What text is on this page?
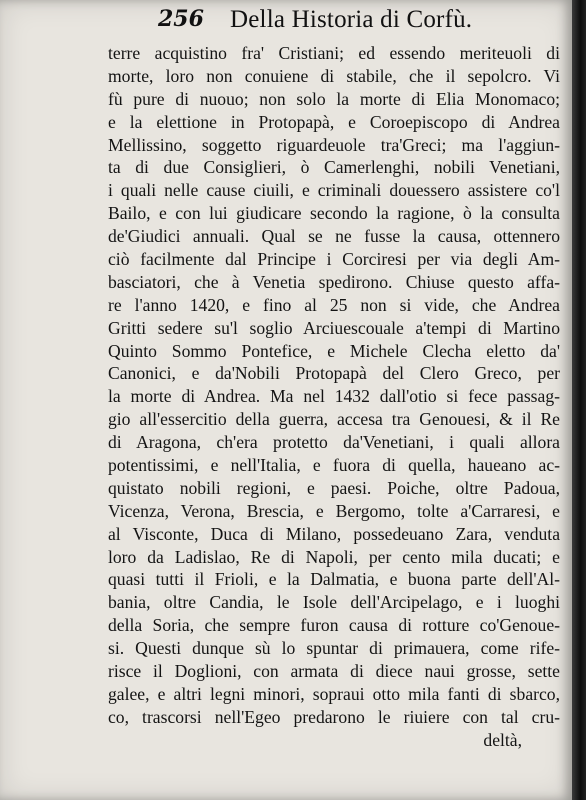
256 Della Historia di Corfù.
terre acquistino fra' Cristiani; ed essendo meriteuoli di
morte, loro non conuiene di stabile, che il sepolcro. Vi
fù pure di nuouo; non solo la morte di Elia Monomaco;
e la elettione in Protopapà, e Coroepiscopo di Andrea
Mellissino, soggetto riguardeuole tra'Greci; ma l'aggiun-
ta di due Consiglieri, ò Camerlenghi, nobili Venetiani,
i quali nelle cause ciuili, e criminali douessero assistere co'l
Bailo, e con lui giudicare secondo la ragione, ò la consulta
de'Giudici annuali. Qual se ne fusse la causa, ottennero
ciò facilmente dal Principe i Corciresi per via degli Am-
basciatori, che à Venetia spedirono. Chiuse questo affa-
re l'anno 1420, e fino al 25 non si vide, che Andrea
Gritti sedere su'l soglio Arciuescouale a'tempi di Martino
Quinto Sommo Pontefice, e Michele Clecha eletto da'
Canonici, e da'Nobili Protopapà del Clero Greco, per
la morte di Andrea. Ma nel 1432 dall'otio si fece passag-
gio all'essercitio della guerra, accesa tra Genouesi, & il Re
di Aragona, ch'era protetto da'Venetiani, i quali allora
potentissimi, e nell'Italia, e fuora di quella, haueano ac-
quistato nobili regioni, e paesi. Poiche, oltre Padoua,
Vicenza, Verona, Brescia, e Bergomo, tolte a'Carraresi, e
al Visconte, Duca di Milano, possedeuano Zara, venduta
loro da Ladislao, Re di Napoli, per cento mila ducati; e
quasi tutti il Frioli, e la Dalmatia, e buona parte dell'Al-
bania, oltre Candia, le Isole dell'Arcipelago, e i luoghi
della Soria, che sempre furon causa di rotture co'Genoue-
si. Questi dunque sù lo spuntar di primauera, come rife-
risce il Doglioni, con armata di diece naui grosse, sette
galee, e altri legni minori, sopraui otto mila fanti di sbarco,
co, trascorsi nell'Egeo predarono le riuiere con tal cru-
deltà,
